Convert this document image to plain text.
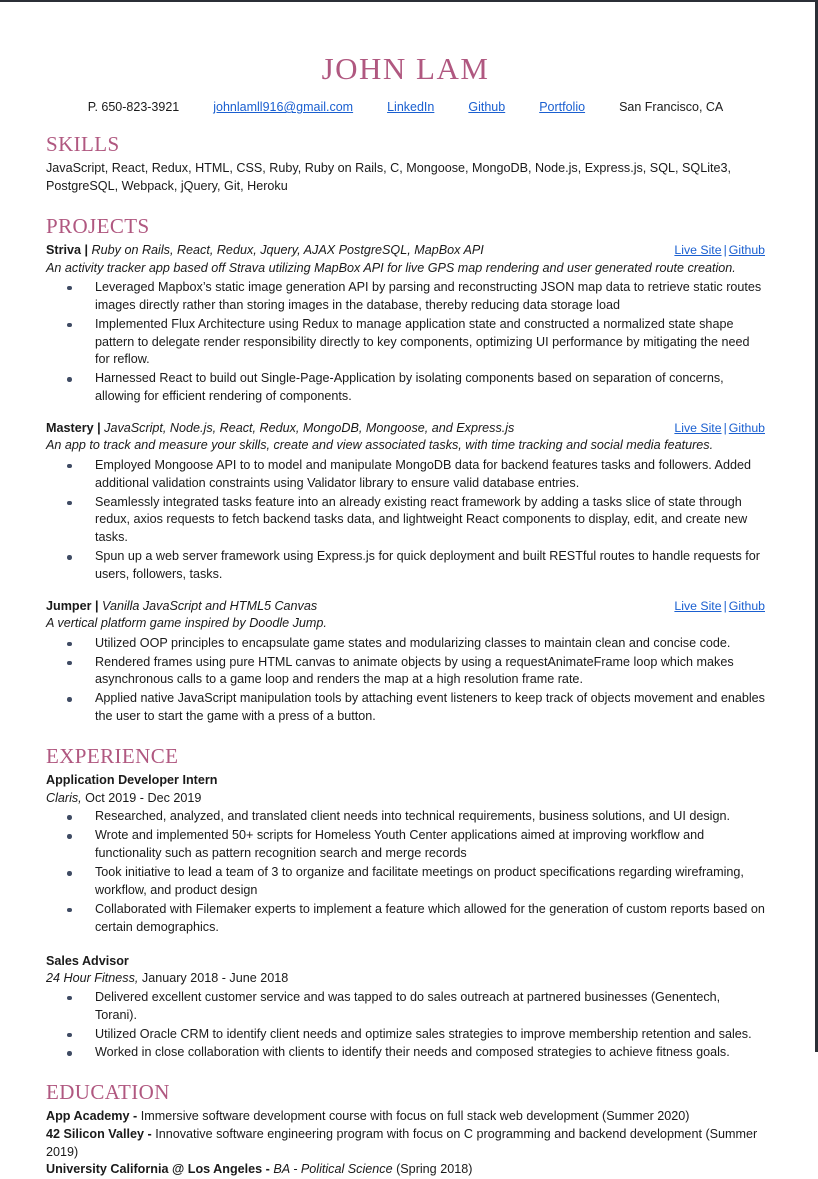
JOHN LAM
P. 650-823-3921	johnlamll916@gmail.com	LinkedIn	Github	Portfolio	San Francisco, CA
SKILLS

JavaScript, React, Redux, HTML, CSS, Ruby, Ruby on Rails, C, Mongoose, MongoDB, Node.js, Express.js, SQL, SQLite3, PostgreSQL, Webpack, jQuery, Git, Heroku

PROJECTS
Striva | Ruby on Rails, React, Redux, Jquery, AJAX PostgreSQL, MapBox API	Live Site | Github

An activity tracker app based off Strava utilizing MapBox API for live GPS map rendering and user generated route creation.

Leveraged Mapbox’s static image generation API by parsing and reconstructing JSON map data to retrieve static routes images directly rather than storing images in the database, thereby reducing data storage load
Implemented Flux Architecture using Redux to manage application state and constructed a normalized state shape pattern to delegate render responsibility directly to key components, optimizing UI performance by mitigating the need for reflow.
Harnessed React to build out Single-Page-Application by isolating components based on separation of concerns, allowing for efficient rendering of components.
Mastery | JavaScript, Node.js, React, Redux, MongoDB, Mongoose, and Express.js	Live Site | Github

An app to track and measure your skills, create and view associated tasks, with time tracking and social media features.

Employed Mongoose API to to model and manipulate MongoDB data for backend features tasks and followers. Added additional validation constraints using Validator library to ensure valid database entries.
Seamlessly integrated tasks feature into an already existing react framework by adding a tasks slice of state through redux, axios requests to fetch backend tasks data, and lightweight React components to display, edit, and create new tasks.
Spun up a web server framework using Express.js for quick deployment and built RESTful routes to handle requests for users, followers, tasks.
Jumper | Vanilla JavaScript and HTML5 Canvas	Live Site | Github

A vertical platform game inspired by Doodle Jump.

Utilized OOP principles to encapsulate game states and modularizing classes to maintain clean and concise code.
Rendered frames using pure HTML canvas to animate objects by using a requestAnimateFrame loop which makes asynchronous calls to a game loop and renders the map at a high resolution frame rate.
Applied native JavaScript manipulation tools by attaching event listeners to keep track of objects movement and enables the user to start the game with a press of a button.
EXPERIENCE
Application Developer Intern
Claris, Oct 2019 - Dec 2019
Researched, analyzed, and translated client needs into technical requirements, business solutions, and UI design.
Wrote and implemented 50+ scripts for Homeless Youth Center applications aimed at improving workflow and functionality such as pattern recognition search and merge records
Took initiative to lead a team of 3 to organize and facilitate meetings on product specifications regarding wireframing, workflow, and product design
Collaborated with Filemaker experts to implement a feature which allowed for the generation of custom reports based on certain demographics.
Sales Advisor
24 Hour Fitness, January 2018 - June 2018
Delivered excellent customer service and was tapped to do sales outreach at partnered businesses (Genentech, Torani).
Utilized Oracle CRM to identify client needs and optimize sales strategies to improve membership retention and sales.
Worked in close collaboration with clients to identify their needs and composed strategies to achieve fitness goals.
EDUCATION

App Academy - Immersive software development course with focus on full stack web development (Summer 2020)

42 Silicon Valley - Innovative software engineering program with focus on C programming and backend development (Summer 2019)

University California @ Los Angeles - BA - Political Science (Spring 2018)
